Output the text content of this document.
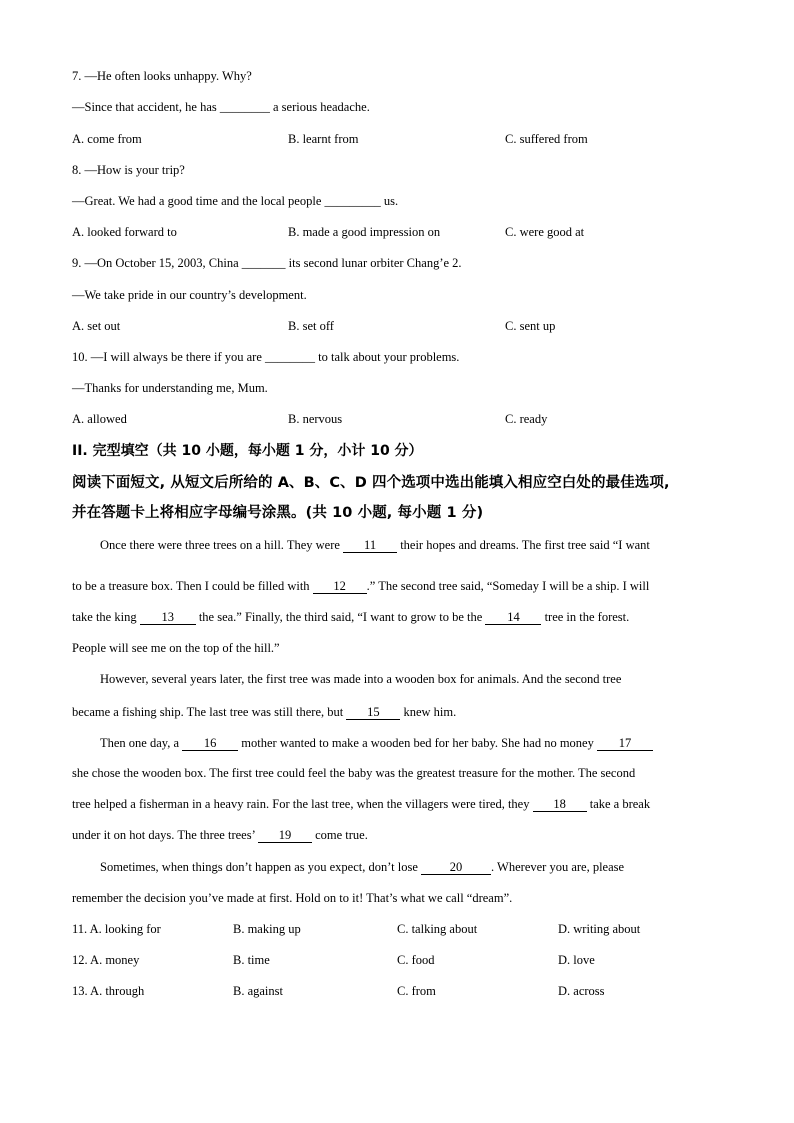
7. —He often looks unhappy. Why?
—Since that accident, he has ________ a serious headache.
A. come from	B. learnt from	C. suffered from
8. —How is your trip?
—Great. We had a good time and the local people _________ us.
A. looked forward to	B. made a good impression on	C. were good at
9. —On October 15, 2003, China _______ its second lunar orbiter Chang’e 2.
—We take pride in our country’s development.
A. set out	B. set off	C. sent up
10. —I will always be there if you are ________ to talk about your problems.
—Thanks for understanding me, Mum.
A. allowed	B. nervous	C. ready
II. 完型填空（共 10 小题，每小题 1 分，小计 10 分）
阅读下面短文, 从短文后所给的 A、B、C、D 四个选项中选出能填入相应空白处的最佳选项,
并在答题卡上将相应字母编号涂黑。(共 10 小题, 每小题 1 分)
Once there were three trees on a hill. They were 11 their hopes and dreams. The first tree said “I want
to be a treasure box. Then I could be filled with 12 .” The second tree said, “Someday I will be a ship. I will
take the king 13 the sea.” Finally, the third said, “I want to grow to be the 14 tree in the forest.
People will see me on the top of the hill.”
However, several years later, the first tree was made into a wooden box for animals. And the second tree
became a fishing ship. The last tree was still there, but 15 knew him.
Then one day, a 16 mother wanted to make a wooden bed for her baby. She had no money 17
she chose the wooden box. The first tree could feel the baby was the greatest treasure for the mother. The second
tree helped a fisherman in a heavy rain. For the last tree, when the villagers were tired, they 18 take a break
under it on hot days. The three trees’ 19 come true.
Sometimes, when things don’t happen as you expect, don’t lose 20 . Wherever you are, please
remember the decision you’ve made at first. Hold on to it! That’s what we call “dream”.
11. A. looking for	B. making up	C. talking about	D. writing about
12. A. money	B. time	C. food	D. love
13. A. through	B. against	C. from	D. across
